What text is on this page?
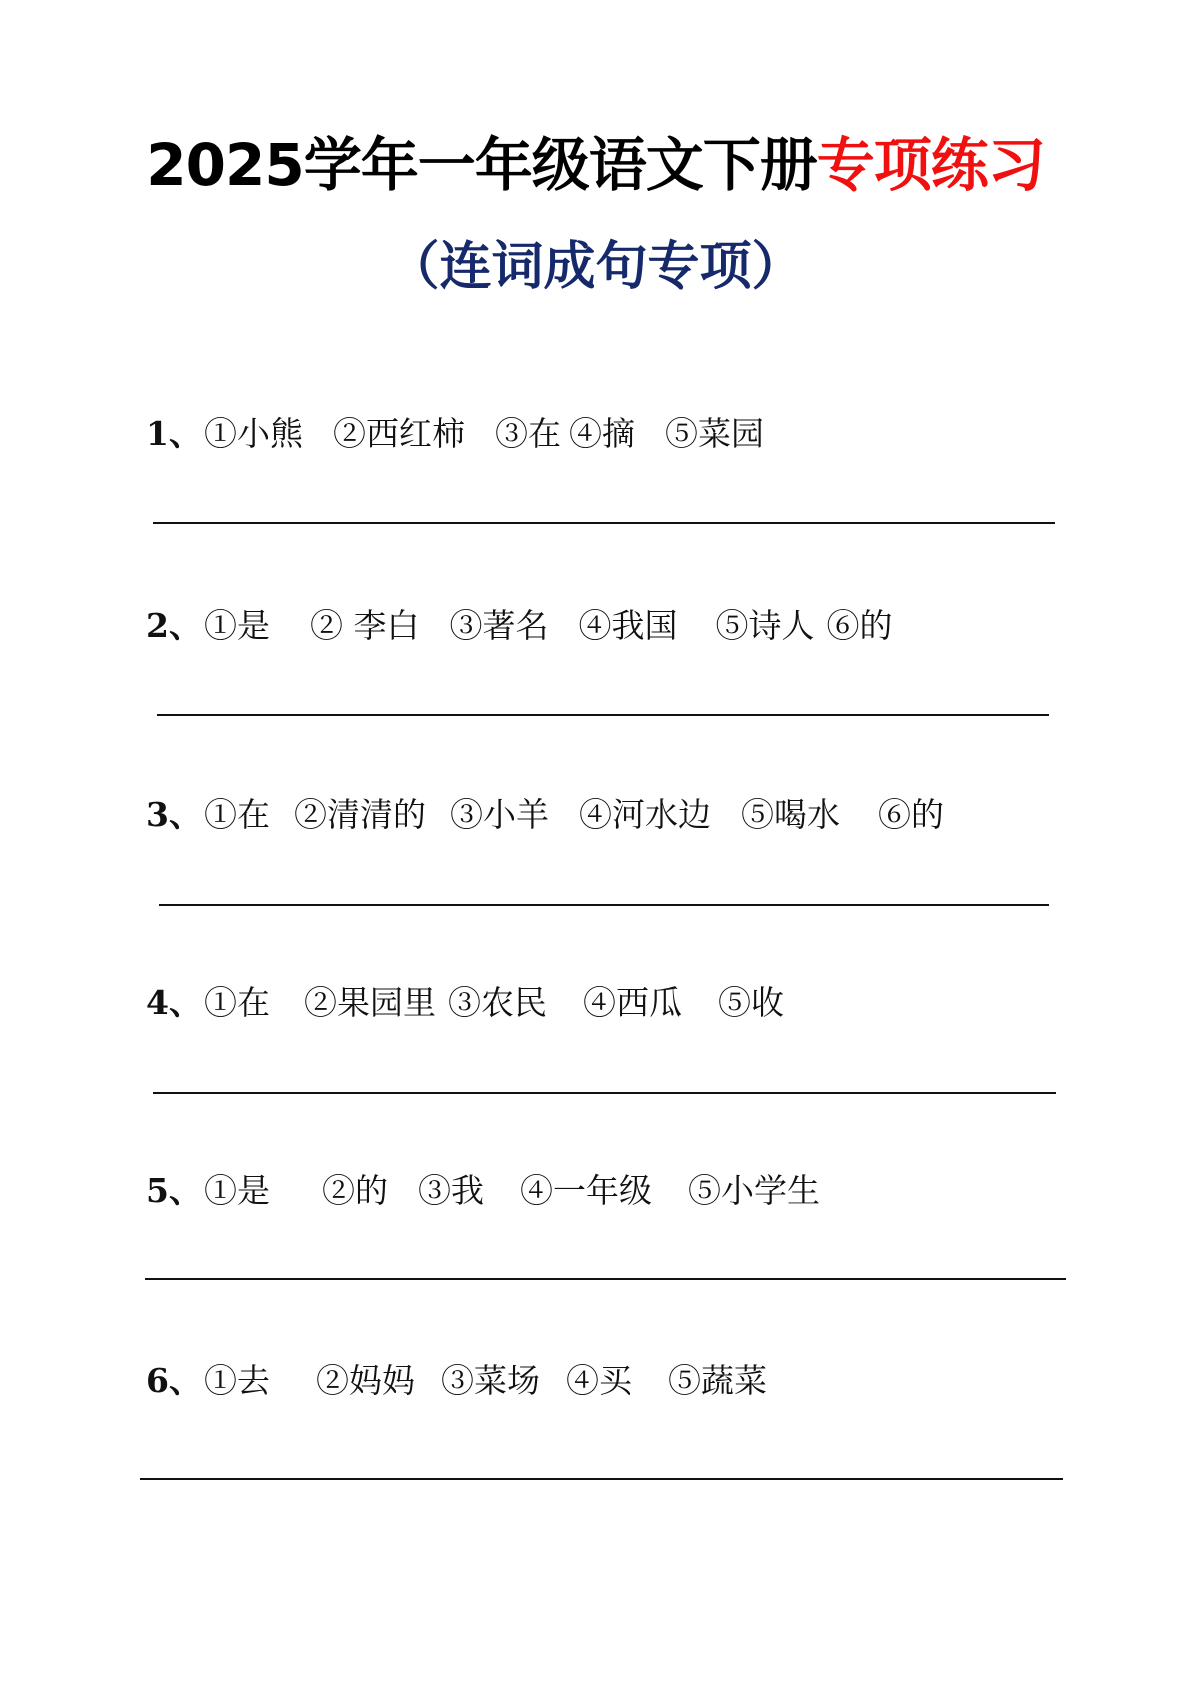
2025学年一年级语文下册专项练习
（连词成句专项）
1、 ①小熊 ②西红柿 ③在 ④摘 ⑤菜园
2、 ①是 ② 李白 ③著名 ④我国 ⑤诗人 ⑥的
3、 ①在 ②清清的 ③小羊 ④河水边 ⑤喝水 ⑥的
4、 ①在 ②果园里 ③农民 ④西瓜 ⑤收
5、 ①是 ②的 ③我 ④一年级 ⑤小学生
6、 ①去 ②妈妈 ③菜场 ④买 ⑤蔬菜
